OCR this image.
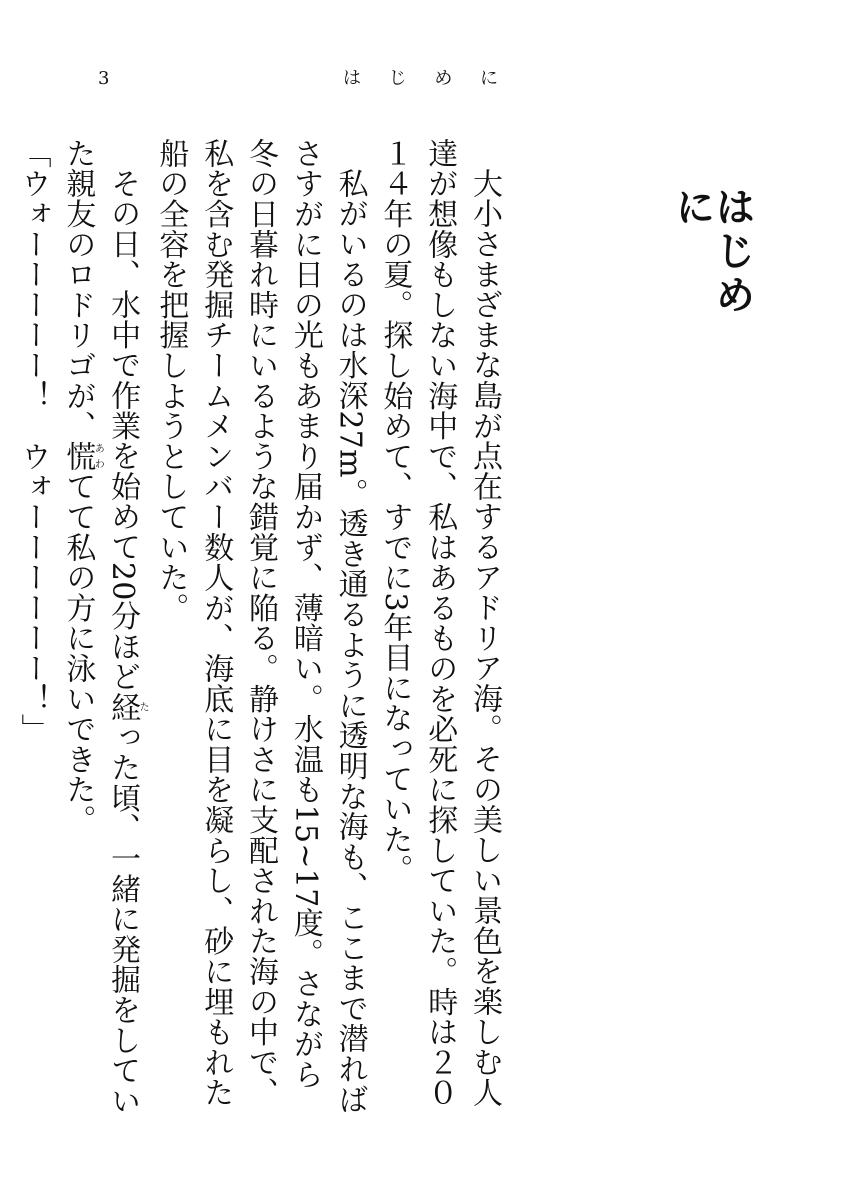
3	は じ め に
はじめに

大小さまざまな島が点在するアドリア海。その美しい景色を楽しむ人達が想像もしない海中で、私はあるものを必死に探していた。時は２０１４年の夏。探し始めて、すでに3年目になっていた。

私がいるのは水深27m。透き通るように透明な海も、ここまで潜ればさすがに日の光もあまり届かず、薄暗い。水温も15~17度。さながら冬の日暮れ時にいるような錯覚に陥る。静けさに支配された海の中で、私を含む発掘チームメンバー数人が、海底に目を凝らし、砂に埋もれた船の全容を把握しようとしていた。

その日、水中で作業を始めて20分ほど経たった頃、一緒に発掘をしていた親友のロドリゴが、慌あわてて私の方に泳いできた。

「ウォーーーーー！　ウォーーーーーー！」
